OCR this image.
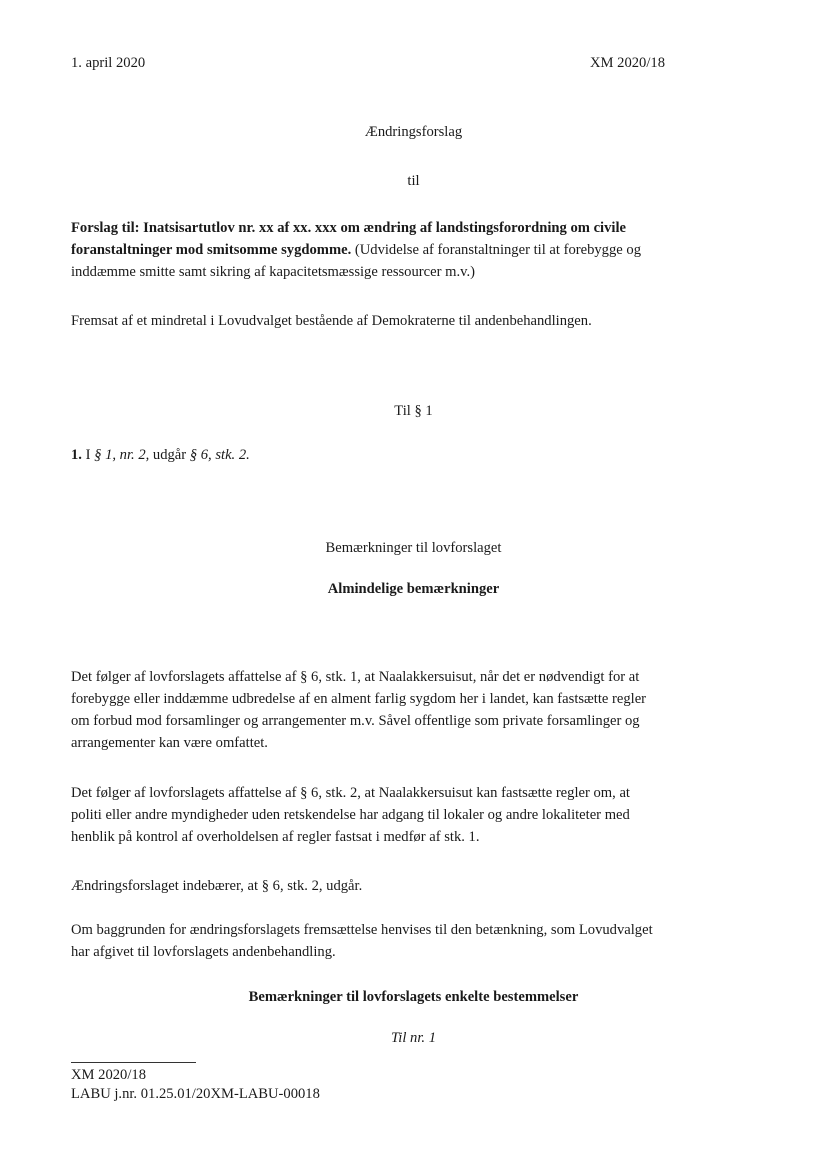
1. april 2020	XM 2020/18
Ændringsforslag
til
Forslag til: Inatsisartutlov nr. xx af xx. xxx om ændring af landstingsforordning om civile
foranstaltninger mod smitsomme sygdomme. (Udvidelse af foranstaltninger til at forebygge og
inddæmme smitte samt sikring af kapacitetsmæssige ressourcer m.v.)
Fremsat af et mindretal i Lovudvalget bestående af Demokraterne til andenbehandlingen.
Til § 1
1. I § 1, nr. 2, udgår § 6, stk. 2.
Bemærkninger til lovforslaget
Almindelige bemærkninger
Det følger af lovforslagets affattelse af § 6, stk. 1, at Naalakkersuisut, når det er nødvendigt for at
forebygge eller inddæmme udbredelse af en alment farlig sygdom her i landet, kan fastsætte regler
om forbud mod forsamlinger og arrangementer m.v. Såvel offentlige som private forsamlinger og
arrangementer kan være omfattet.
Det følger af lovforslagets affattelse af § 6, stk. 2, at Naalakkersuisut kan fastsætte regler om, at
politi eller andre myndigheder uden retskendelse har adgang til lokaler og andre lokaliteter med
henblik på kontrol af overholdelsen af regler fastsat i medfør af stk. 1.
Ændringsforslaget indebærer, at § 6, stk. 2, udgår.
Om baggrunden for ændringsforslagets fremsættelse henvises til den betænkning, som Lovudvalget
har afgivet til lovforslagets andenbehandling.
Bemærkninger til lovforslagets enkelte bestemmelser
Til nr. 1
XM 2020/18
LABU j.nr. 01.25.01/20XM-LABU-00018
